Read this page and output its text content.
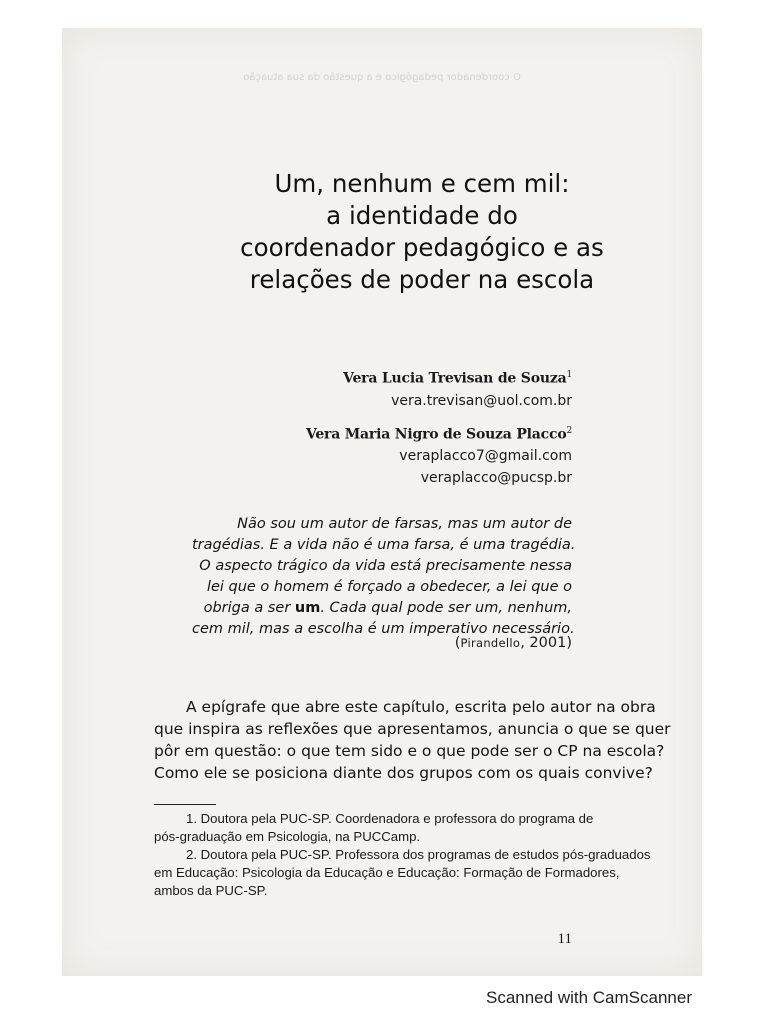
O coordenador pedagógico e a questão da sua atuação
Um, nenhum e cem mil:
a identidade do
coordenador pedagógico e as
relações de poder na escola
Vera Lucia Trevisan de Souza$^1$
vera.trevisan@uol.com.br
Vera Maria Nigro de Souza Placco$^2$
veraplacco7@gmail.com
veraplacco@pucsp.br
Não sou um autor de farsas, mas um autor de
tragédias. E a vida não é uma farsa, é uma tragédia.
O aspecto trágico da vida está precisamente nessa
lei que o homem é forçado a obedecer, a lei que o
obriga a ser um. Cada qual pode ser um, nenhum,
cem mil, mas a escolha é um imperativo necessário.
(Pirandello, 2001)
A epígrafe que abre este capítulo, escrita pelo autor na obra
que inspira as reflexões que apresentamos, anuncia o que se quer
pôr em questão: o que tem sido e o que pode ser o CP na escola?
Como ele se posiciona diante dos grupos com os quais convive?
1. Doutora pela PUC-SP. Coordenadora e professora do programa de
pós-graduação em Psicologia, na PUCCamp.
2. Doutora pela PUC-SP. Professora dos programas de estudos pós-graduados
em Educação: Psicologia da Educação e Educação: Formação de Formadores,
ambos da PUC-SP.
11
Scanned with CamScanner
